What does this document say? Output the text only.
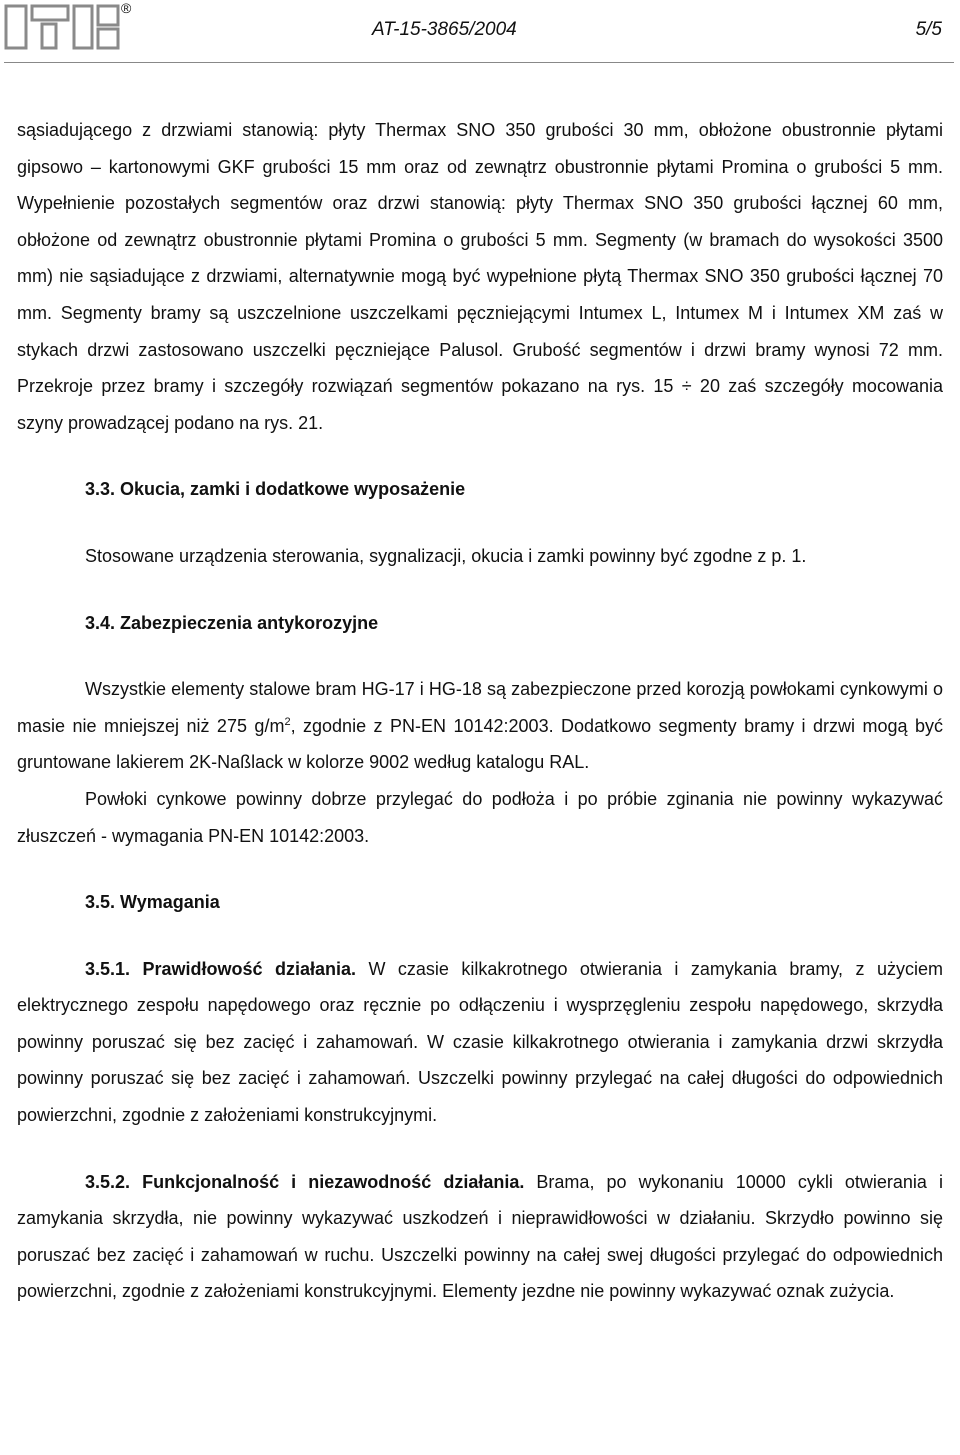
®
AT-15-3865/2004	5/5

sąsiadującego z drzwiami stanowią: płyty Thermax SNO 350 grubości 30 mm, obłożone obustronnie płytami gipsowo – kartonowymi GKF grubości 15 mm oraz od zewnątrz obustronnie płytami Promina o grubości 5 mm. Wypełnienie pozostałych segmentów oraz drzwi stanowią: płyty Thermax SNO 350 grubości łącznej 60 mm, obłożone od zewnątrz obustronnie płytami Promina o grubości 5 mm. Segmenty (w bramach do wysokości 3500 mm) nie sąsiadujące z drzwiami, alternatywnie mogą być wypełnione płytą Thermax SNO 350 grubości łącznej 70 mm. Segmenty bramy są uszczelnione uszczelkami pęczniejącymi Intumex L, Intumex M i Intumex XM zaś w stykach drzwi zastosowano uszczelki pęczniejące Palusol. Grubość segmentów i drzwi bramy wynosi 72 mm. Przekroje przez bramy i szczegóły rozwiązań segmentów pokazano na rys. 15 ÷ 20 zaś szczegóły mocowania szyny prowadzącej podano na rys. 21.

3.3. Okucia, zamki i dodatkowe wyposażenie

Stosowane urządzenia sterowania, sygnalizacji, okucia i zamki powinny być zgodne z p. 1.

3.4. Zabezpieczenia antykorozyjne

Wszystkie elementy stalowe bram HG-17 i HG-18 są zabezpieczone przed korozją powłokami cynkowymi o masie nie mniejszej niż 275 $g/m^2$, zgodnie z PN-EN 10142:2003. Dodatkowo segmenty bramy i drzwi mogą być gruntowane lakierem 2K-Naßlack w kolorze 9002 według katalogu RAL.

Powłoki cynkowe powinny dobrze przylegać do podłoża i po próbie zginania nie powinny wykazywać złuszczeń - wymagania PN-EN 10142:2003.

3.5. Wymagania

3.5.1. Prawidłowość działania. W czasie kilkakrotnego otwierania i zamykania bramy, z użyciem elektrycznego zespołu napędowego oraz ręcznie po odłączeniu i wysprzęgleniu zespołu napędowego, skrzydła powinny poruszać się bez zacięć i zahamowań. W czasie kilkakrotnego otwierania i zamykania drzwi skrzydła powinny poruszać się bez zacięć i zahamowań. Uszczelki powinny przylegać na całej długości do odpowiednich powierzchni, zgodnie z założeniami konstrukcyjnymi.

3.5.2. Funkcjonalność i niezawodność działania. Brama, po wykonaniu 10000 cykli otwierania i zamykania skrzydła, nie powinny wykazywać uszkodzeń i nieprawidłowości w działaniu. Skrzydło powinno się poruszać bez zacięć i zahamowań w ruchu. Uszczelki powinny na całej swej długości przylegać do odpowiednich powierzchni, zgodnie z założeniami konstrukcyjnymi. Elementy jezdne nie powinny wykazywać oznak zużycia.
